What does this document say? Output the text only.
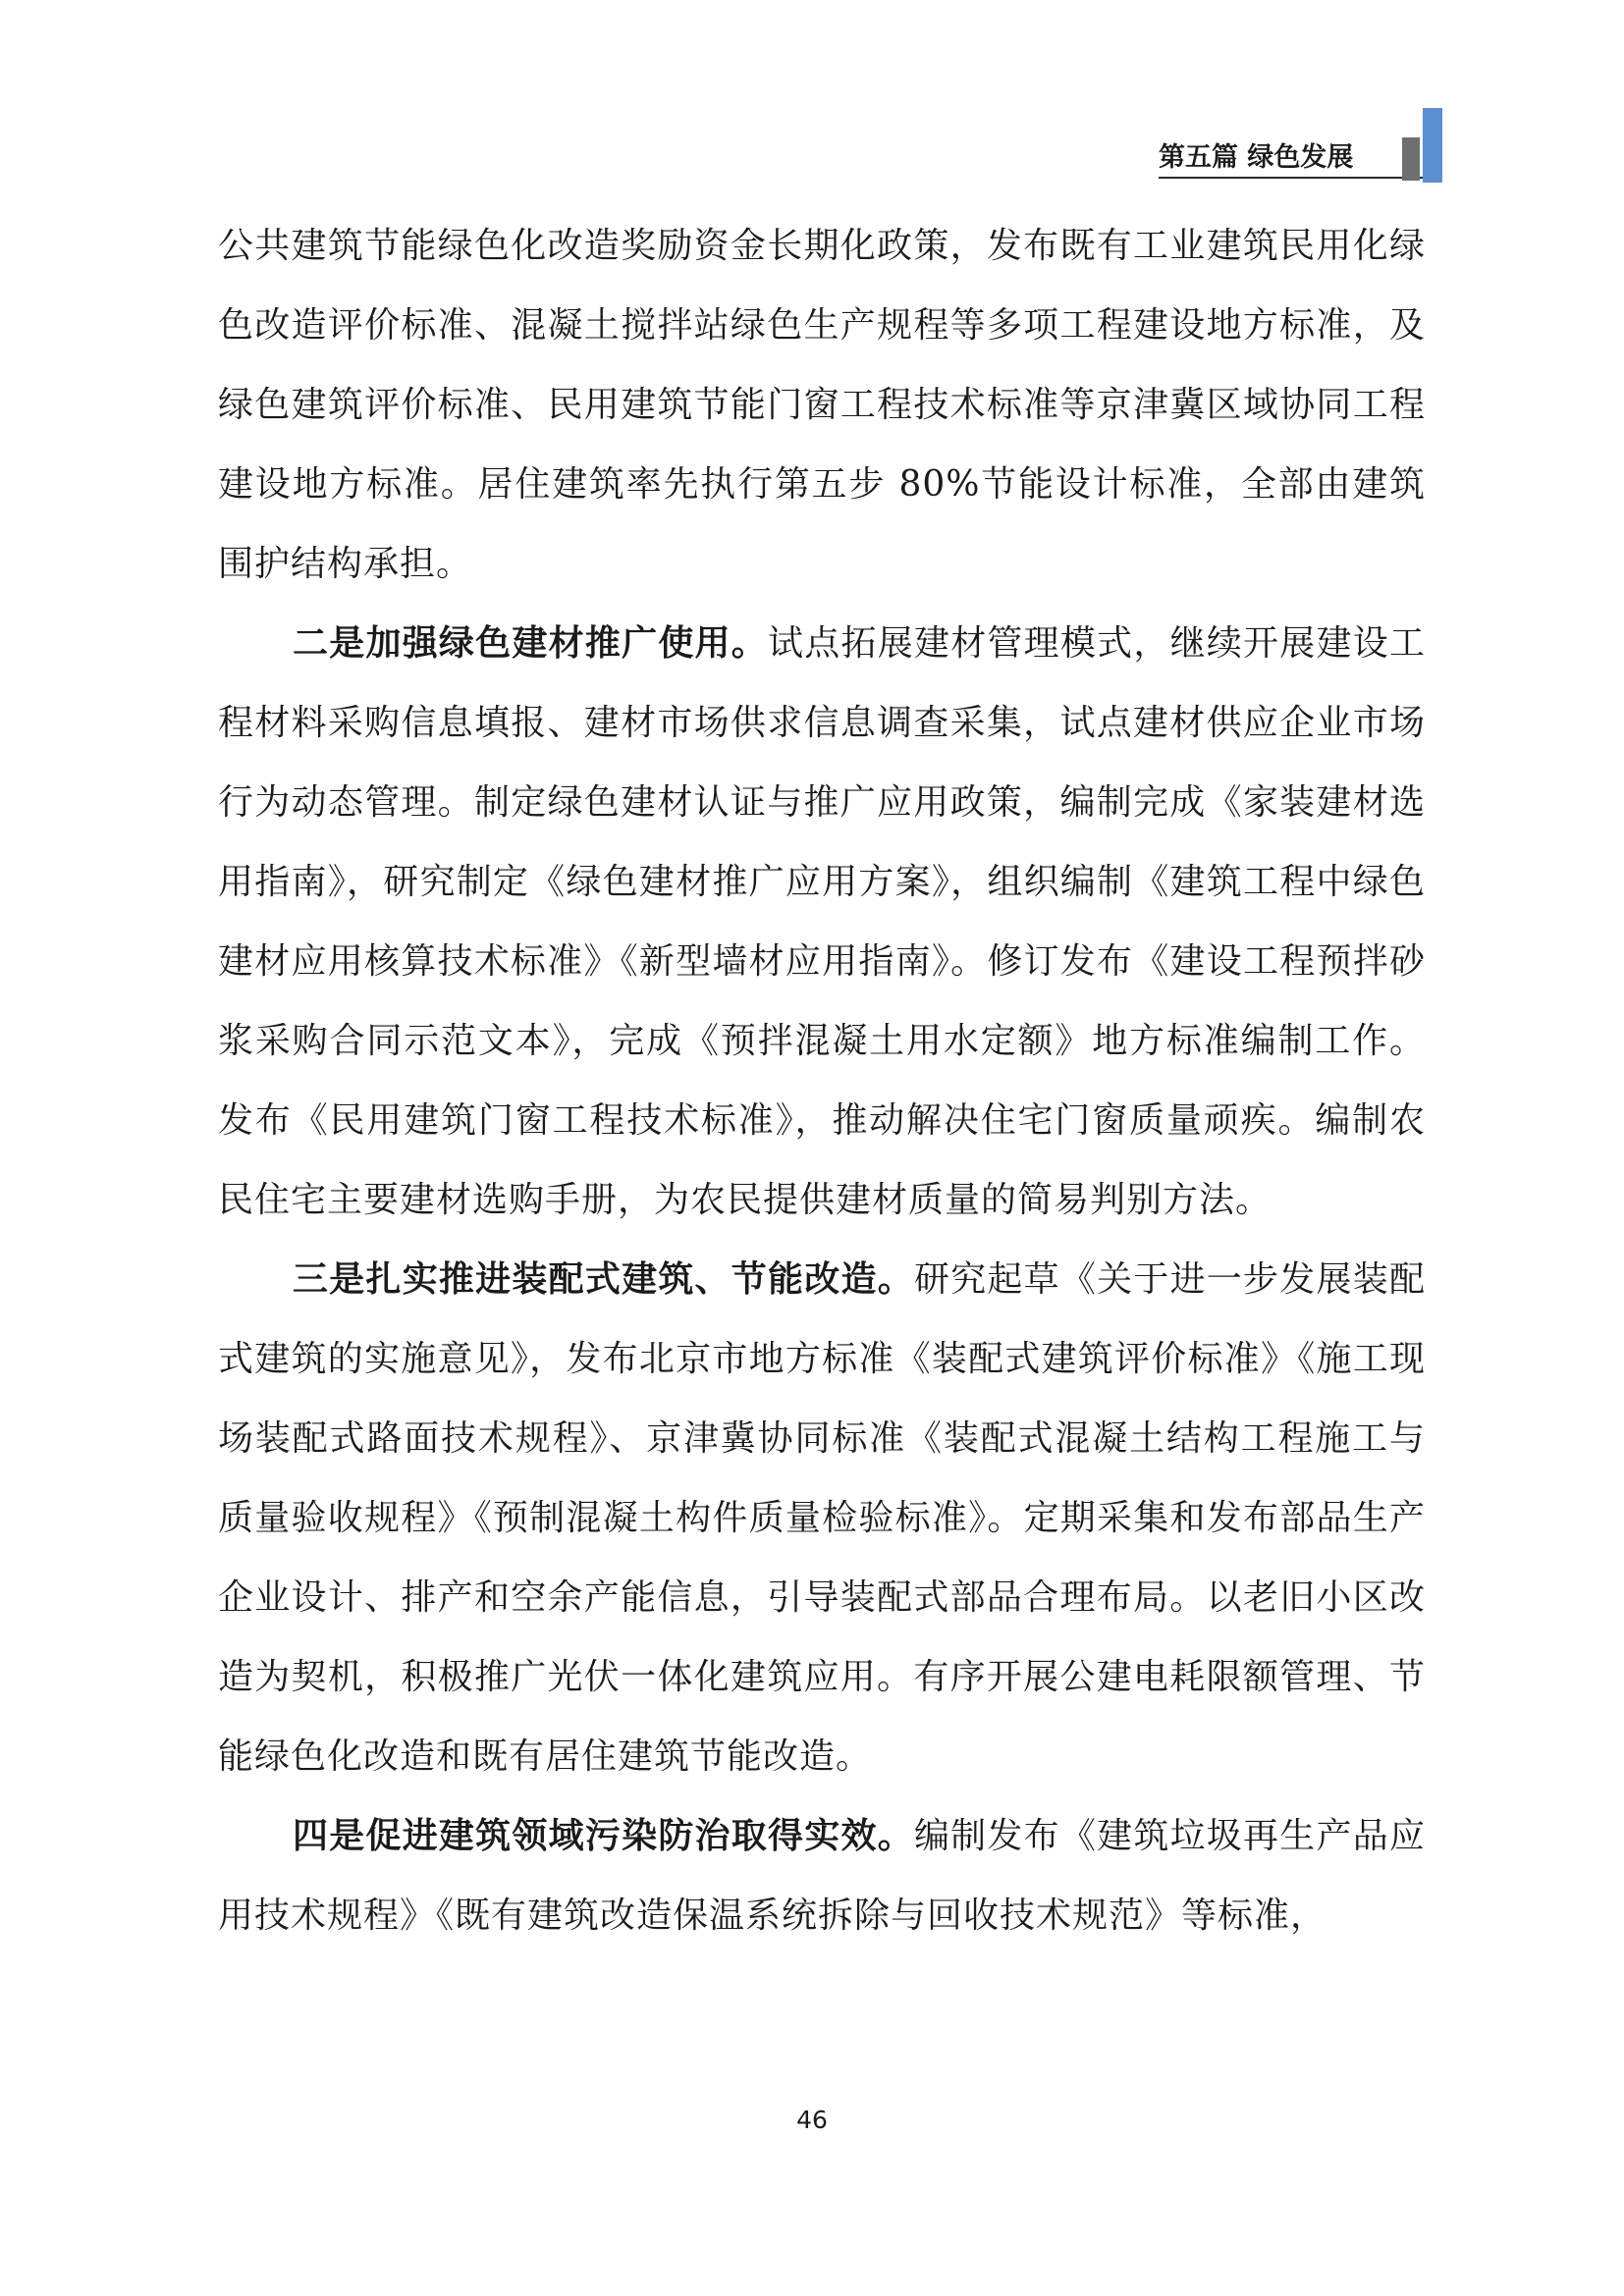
第五篇 绿色发展

公共建筑节能绿色化改造奖励资金长期化政策，发布既有工业建筑民用化绿色改造评价标准、混凝土搅拌站绿色生产规程等多项工程建设地方标准，及绿色建筑评价标准、民用建筑节能门窗工程技术标准等京津冀区域协同工程建设地方标准。居住建筑率先执行第五步 80%节能设计标准，全部由建筑围护结构承担。

二是加强绿色建材推广使用。试点拓展建材管理模式，继续开展建设工程材料采购信息填报、建材市场供求信息调查采集，试点建材供应企业市场行为动态管理。制定绿色建材认证与推广应用政策，编制完成《家装建材选用指南》，研究制定《绿色建材推广应用方案》，组织编制《建筑工程中绿色建材应用核算技术标准》《新型墙材应用指南》。修订发布《建设工程预拌砂浆采购合同示范文本》，完成《预拌混凝土用水定额》地方标准编制工作。发布《民用建筑门窗工程技术标准》，推动解决住宅门窗质量顽疾。编制农民住宅主要建材选购手册，为农民提供建材质量的简易判别方法。

三是扎实推进装配式建筑、节能改造。研究起草《关于进一步发展装配式建筑的实施意见》，发布北京市地方标准《装配式建筑评价标准》《施工现场装配式路面技术规程》、京津冀协同标准《装配式混凝土结构工程施工与质量验收规程》《预制混凝土构件质量检验标准》。定期采集和发布部品生产企业设计、排产和空余产能信息，引导装配式部品合理布局。以老旧小区改造为契机，积极推广光伏一体化建筑应用。有序开展公建电耗限额管理、节能绿色化改造和既有居住建筑节能改造。

四是促进建筑领域污染防治取得实效。编制发布《建筑垃圾再生产品应用技术规程》《既有建筑改造保温系统拆除与回收技术规范》等标准，

46
